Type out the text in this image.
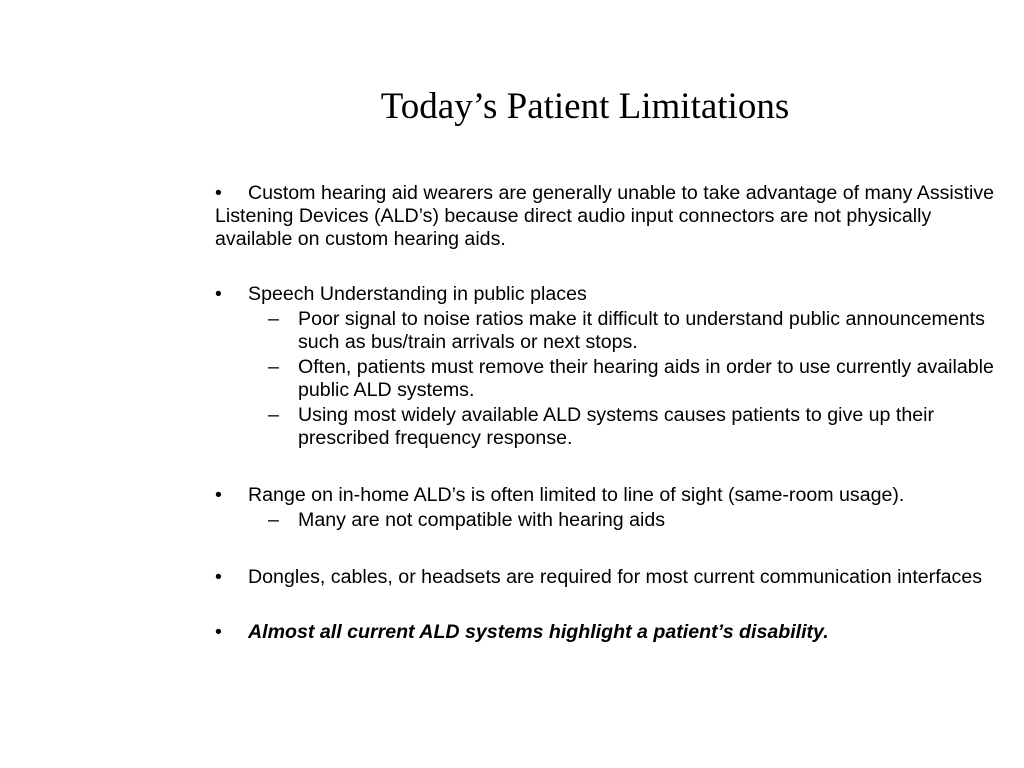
Today’s Patient Limitations

• Custom hearing aid wearers are generally unable to take advantage of many Assistive Listening Devices (ALD’s) because direct audio input connectors are not physically available on custom hearing aids.

• Speech Understanding in public places

– Poor signal to noise ratios make it difficult to understand public announcements such as bus/train arrivals or next stops.

– Often, patients must remove their hearing aids in order to use currently available public ALD systems.

– Using most widely available ALD systems causes patients to give up their prescribed frequency response.

• Range on in-home ALD’s is often limited to line of sight (same-room usage).

– Many are not compatible with hearing aids

• Dongles, cables, or headsets are required for most current communication interfaces

• Almost all current ALD systems highlight a patient’s disability.
